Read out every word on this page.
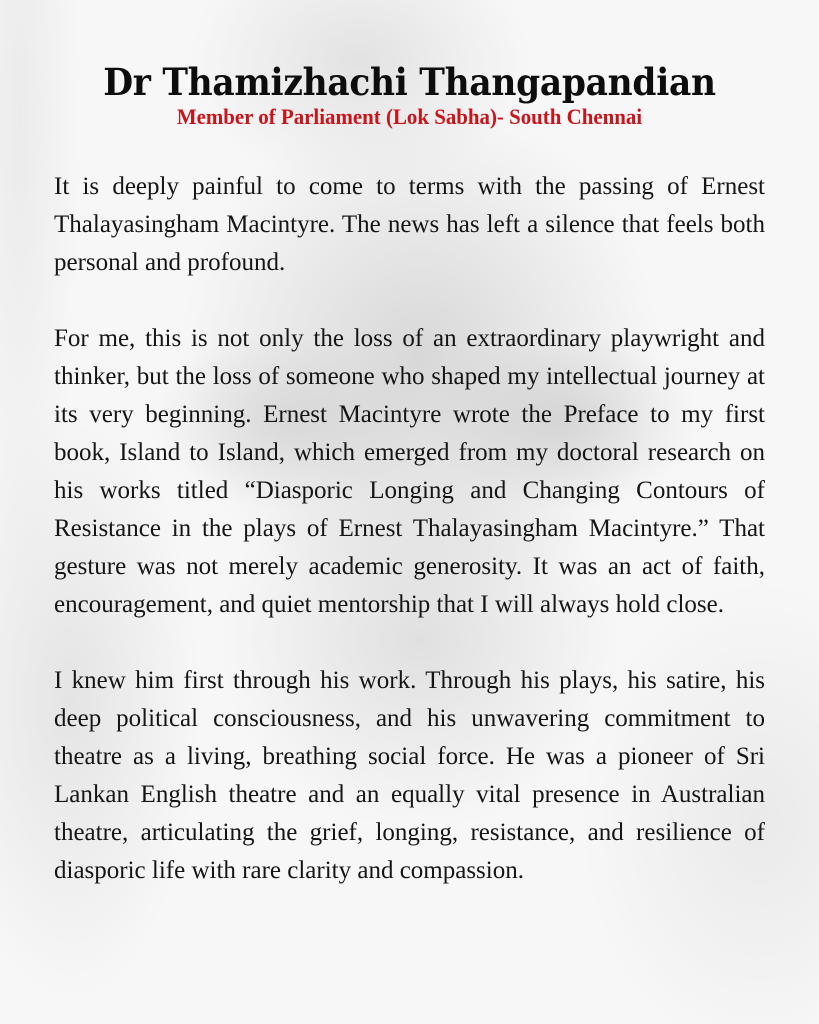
Dr Thamizhachi Thangapandian

Member of Parliament (Lok Sabha)- South Chennai

It is deeply painful to come to terms with the passing of Ernest Thalayasingham Macintyre. The news has left a silence that feels both personal and profound.

For me, this is not only the loss of an extraordinary playwright and thinker, but the loss of someone who shaped my intellectual journey at its very beginning. Ernest Macintyre wrote the Preface to my first book, Island to Island, which emerged from my doctoral research on his works titled “Diasporic Longing and Changing Contours of Resistance in the plays of Ernest Thalayasingham Macintyre.” That gesture was not merely academic generosity. It was an act of faith, encouragement, and quiet mentorship that I will always hold close.

I knew him first through his work. Through his plays, his satire, his deep political consciousness, and his unwavering commitment to theatre as a living, breathing social force. He was a pioneer of Sri Lankan English theatre and an equally vital presence in Australian theatre, articulating the grief, longing, resistance, and resilience of diasporic life with rare clarity and compassion.
